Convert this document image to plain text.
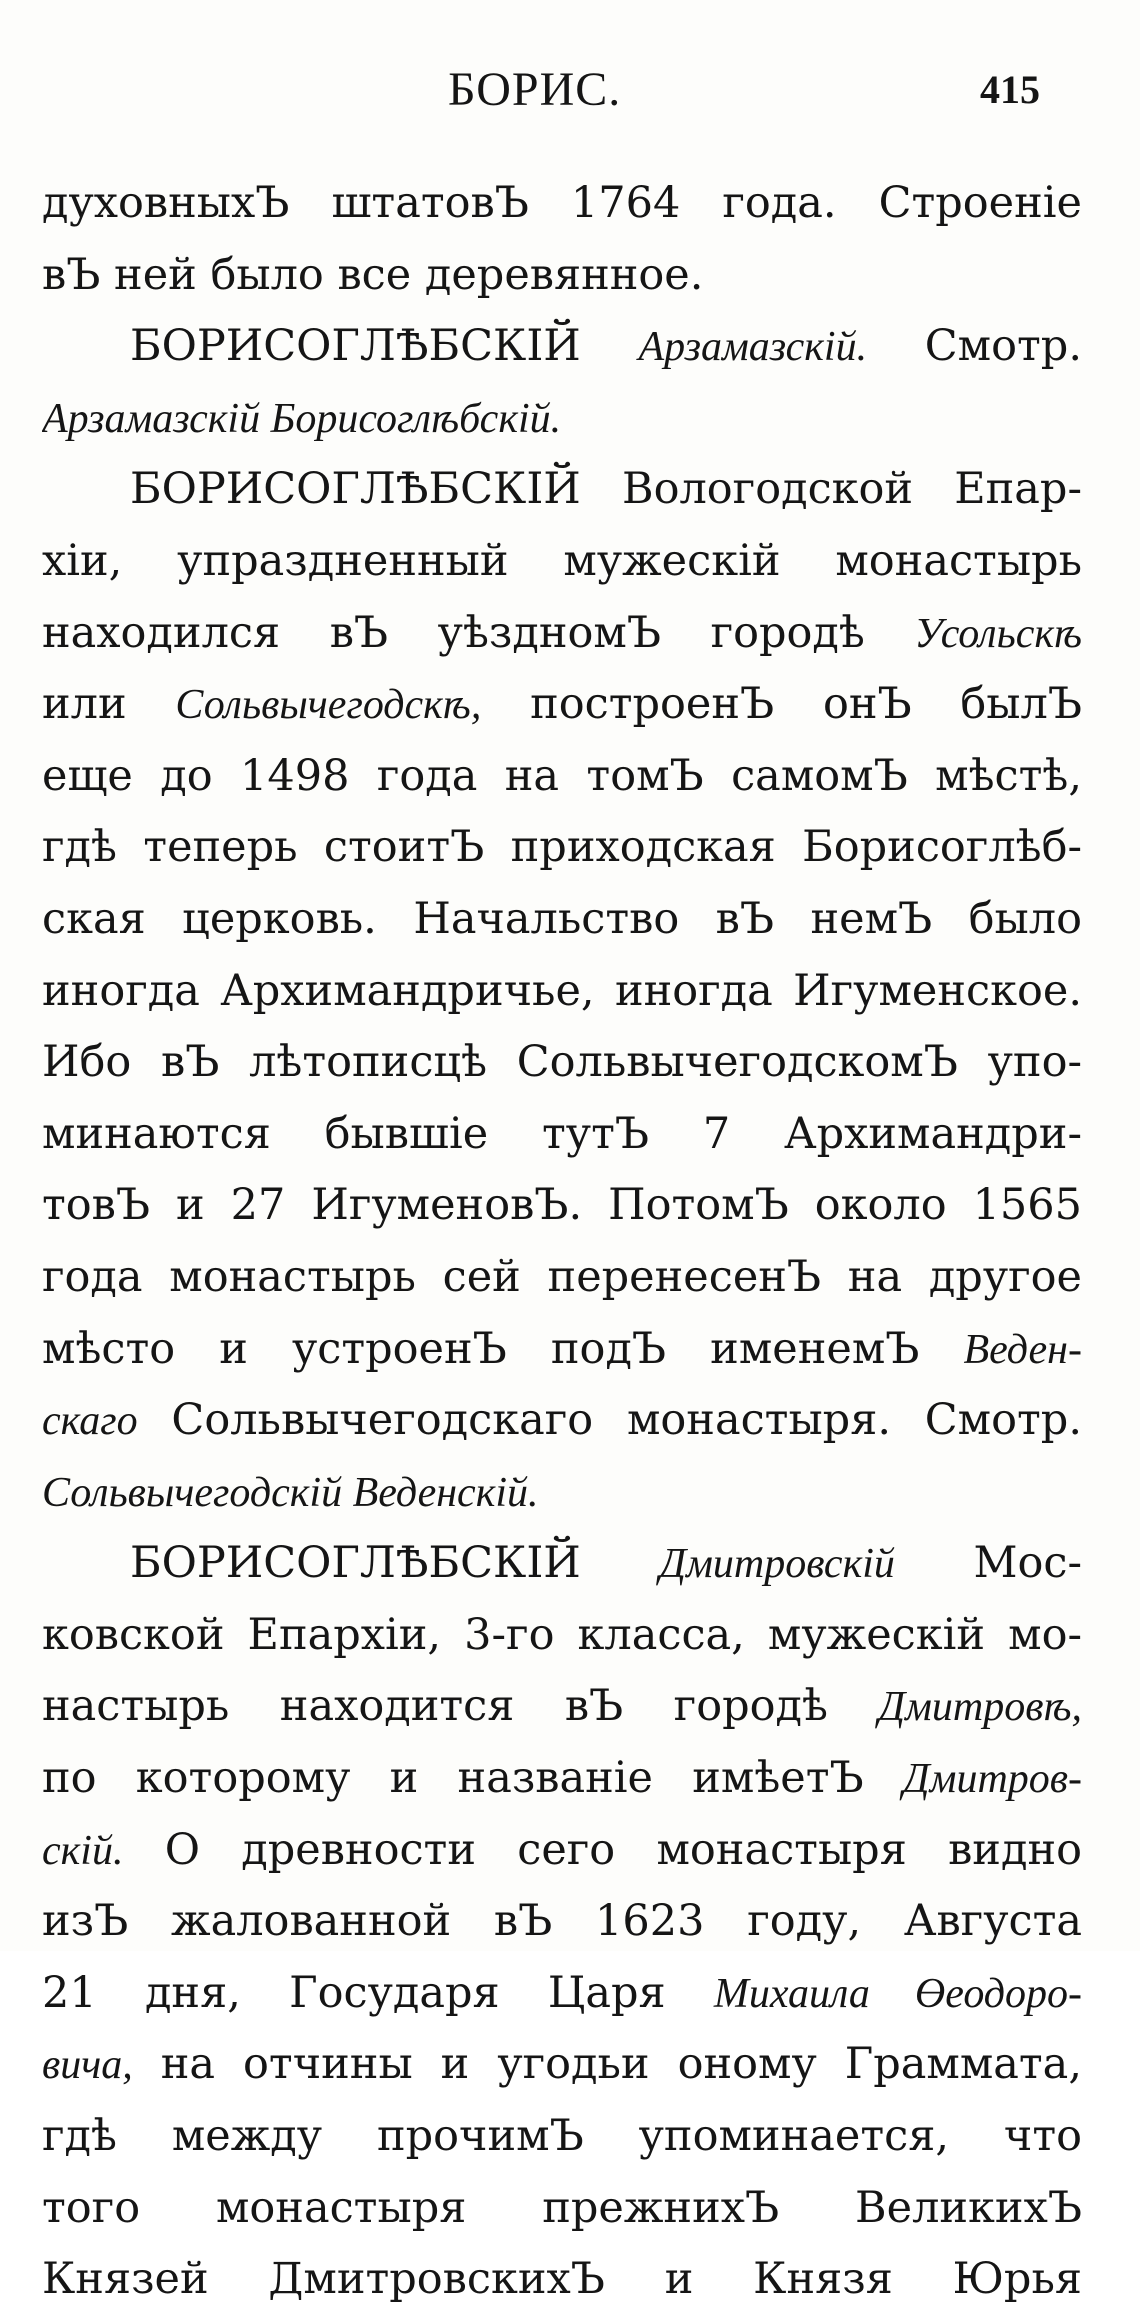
БОРИС.	415
духовныхЪ штатовЪ 1764 года. Строеніе
вЪ ней было все деревянное.
БОРИСОГЛѢБСКІЙ Арзамазскій. Смотр.
Арзамазскій Борисоглѣбскій.
БОРИСОГЛѢБСКІЙ Вологодской Епар-
хіи, упраздненный мужескій монастырь
находился вЪ уѣздномЪ городѣ Усольскѣ
или Сольвычегодскѣ, построенЪ онЪ былЪ
еще до 1498 года на томЪ самомЪ мѣстѣ,
гдѣ теперь стоитЪ приходская Борисоглѣб-
ская церковь. Начальство вЪ немЪ было
иногда Архимандричье, иногда Игуменское.
Ибо вЪ лѣтописцѣ СольвычегодскомЪ упо-
минаются бывшіе тутЪ 7 Архимандри-
товЪ и 27 ИгуменовЪ. ПотомЪ около 1565
года монастырь сей перенесенЪ на другое
мѣсто и устроенЪ подЪ именемЪ Веден-
скаго Сольвычегодскаго монастыря. Смотр.
Сольвычегодскій Веденскій.
БОРИСОГЛѢБСКІЙ Дмитровскій Мос-
ковской Епархіи, 3-го класса, мужескій мо-
настырь находится вЪ городѣ Дмитровѣ,
по которому и названіе имѣетЪ Дмитров-
скій. О древности сего монастыря видно
изЪ жалованной вЪ 1623 году, Августа
21 дня, Государя Царя Михаила Өеодоро-
вича, на отчины и угодьи оному Граммата,
гдѣ между прочимЪ упоминается, что
того монастыря прежнихЪ ВеликихЪ
Князей ДмитровскихЪ и Князя Юрья
